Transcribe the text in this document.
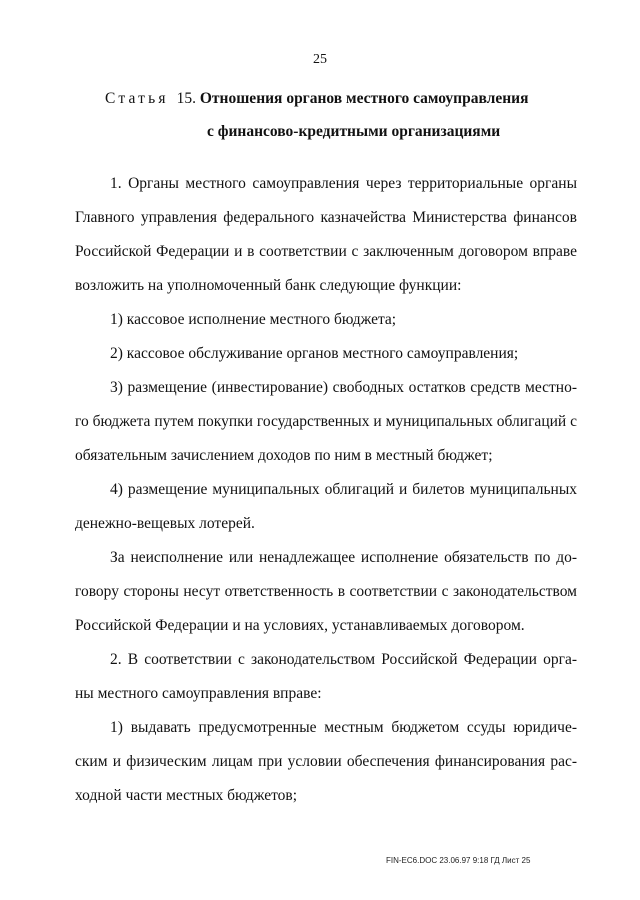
25
Статья 15. Отношения органов местного самоуправления
с финансово-кредитными организациями
1. Органы местного самоуправления через территориальные органы
Главного управления федерального казначейства Министерства финансов
Российской Федерации и в соответствии с заключенным договором вправе
возложить на уполномоченный банк следующие функции:
1) кассовое исполнение местного бюджета;
2) кассовое обслуживание органов местного самоуправления;
3) размещение (инвестирование) свободных остатков средств местно-
го бюджета путем покупки государственных и муниципальных облигаций с
обязательным зачислением доходов по ним в местный бюджет;
4) размещение муниципальных облигаций и билетов муниципальных
денежно-вещевых лотерей.
За неисполнение или ненадлежащее исполнение обязательств по до-
говору стороны несут ответственность в соответствии с законодательством
Российской Федерации и на условиях, устанавливаемых договором.
2. В соответствии с законодательством Российской Федерации орга-
ны местного самоуправления вправе:
1) выдавать предусмотренные местным бюджетом ссуды юридиче-
ским и физическим лицам при условии обеспечения финансирования рас-
ходной части местных бюджетов;
FIN-EC6.DOC 23.06.97 9:18 ГД Лист 25
